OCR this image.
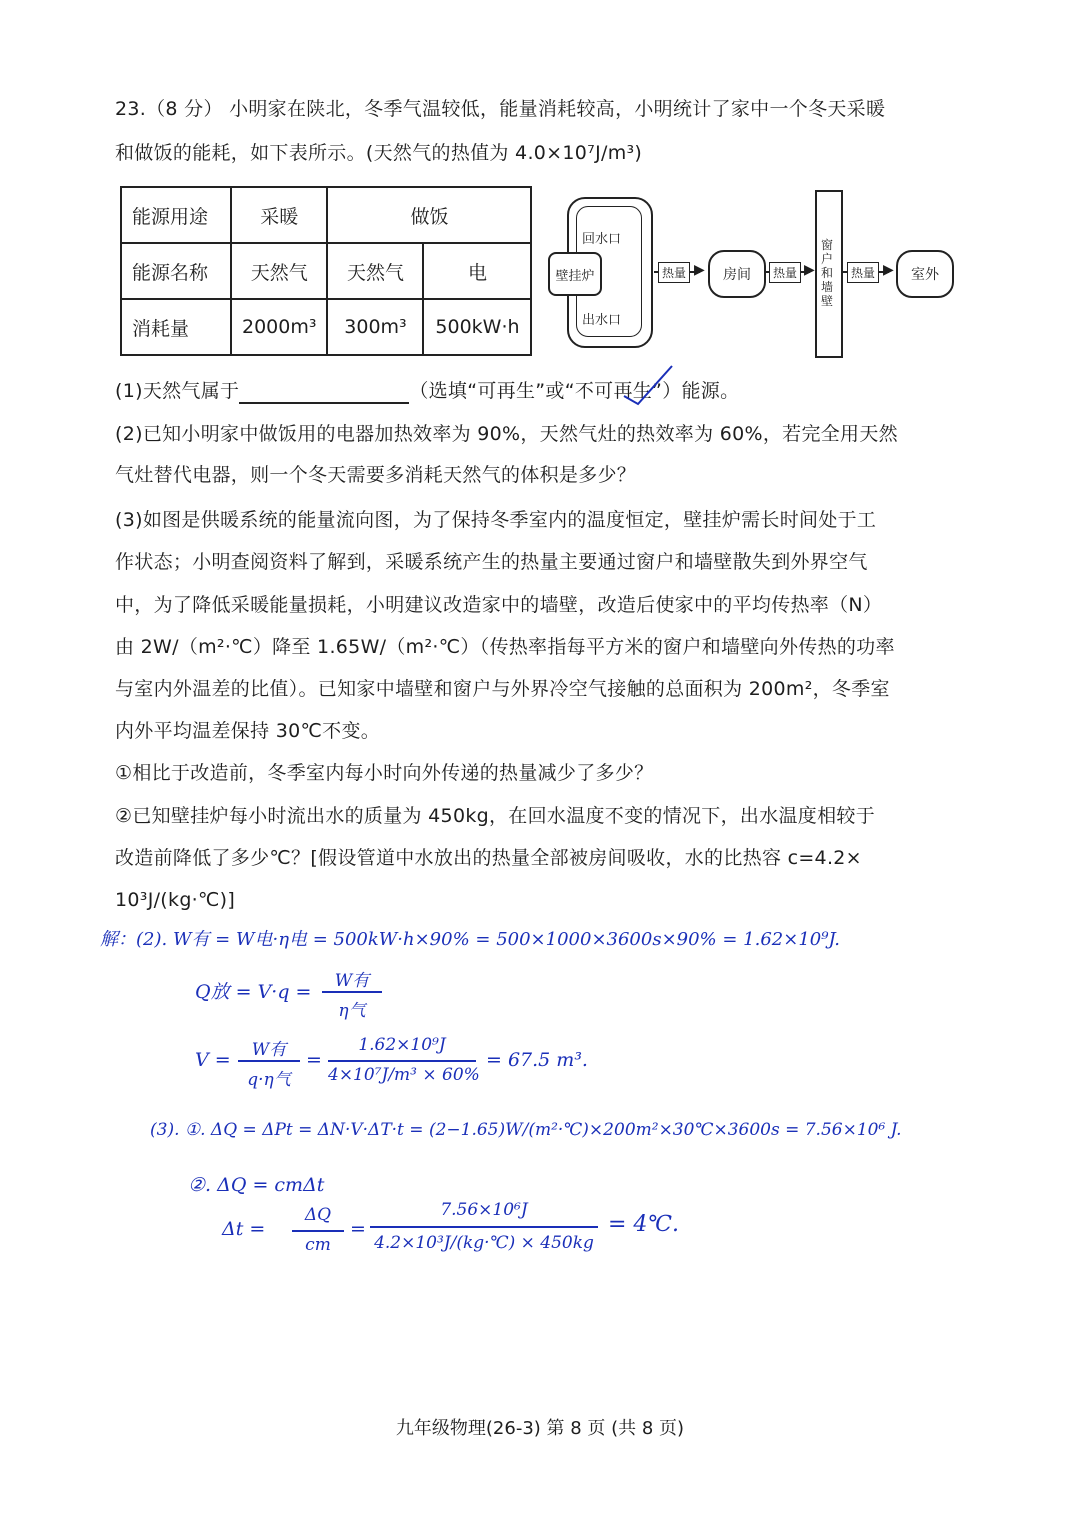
23.（8 分） 小明家在陕北，冬季气温较低，能量消耗较高，小明统计了家中一个冬天采暖
和做饭的能耗，如下表所示。(天然气的热值为 4.0×10⁷J/m³)
能源用途	采暖	做饭	
能源名称	天然气	天然气	电
消耗量	2000m³	300m³	500kW·h
壁挂炉
回水口
出水口
热量 ▶	房间	热量 ▶
窗户和墙壁
热量 ▶	室外
(1)天然气属于	（选填“可再生”或“不可再生”）能源。
(2)已知小明家中做饭用的电器加热效率为 90%，天然气灶的热效率为 60%，若完全用天然
气灶替代电器，则一个冬天需要多消耗天然气的体积是多少？
(3)如图是供暖系统的能量流向图，为了保持冬季室内的温度恒定，壁挂炉需长时间处于工
作状态；小明查阅资料了解到，采暖系统产生的热量主要通过窗户和墙壁散失到外界空气
中，为了降低采暖能量损耗，小明建议改造家中的墙壁，改造后使家中的平均传热率（N）
由 2W/（m²·℃）降至 1.65W/（m²·℃）（传热率指每平方米的窗户和墙壁向外传热的功率
与室内外温差的比值）。已知家中墙壁和窗户与外界冷空气接触的总面积为 200m²，冬季室
内外平均温差保持 30℃不变。
①相比于改造前，冬季室内每小时向外传递的热量减少了多少？
②已知壁挂炉每小时流出水的质量为 450kg，在回水温度不变的情况下，出水温度相较于
改造前降低了多少℃？[假设管道中水放出的热量全部被房间吸收，水的比热容 c=4.2×
10³J/(kg·℃)]
解：(2). W有 = W电·η电 = 500kW·h×90% = 500×1000×3600s×90% = 1.62×10⁹J.
Q放 = V·q =	W有
η气
V =	W有
q·η气
=
1.62×10⁹J
4×10⁷J/m³ × 60%
= 67.5 m³.
(3). ①. ΔQ = ΔPt = ΔN·V·ΔT·t = (2−1.65)W/(m²·℃)×200m²×30℃×3600s = 7.56×10⁶ J.
②. ΔQ = cmΔt
Δt =
ΔQ
cm
=
7.56×10⁶J
4.2×10³J/(kg·℃) × 450kg
= 4℃.
九年级物理(26-3) 第 8 页 (共 8 页)
